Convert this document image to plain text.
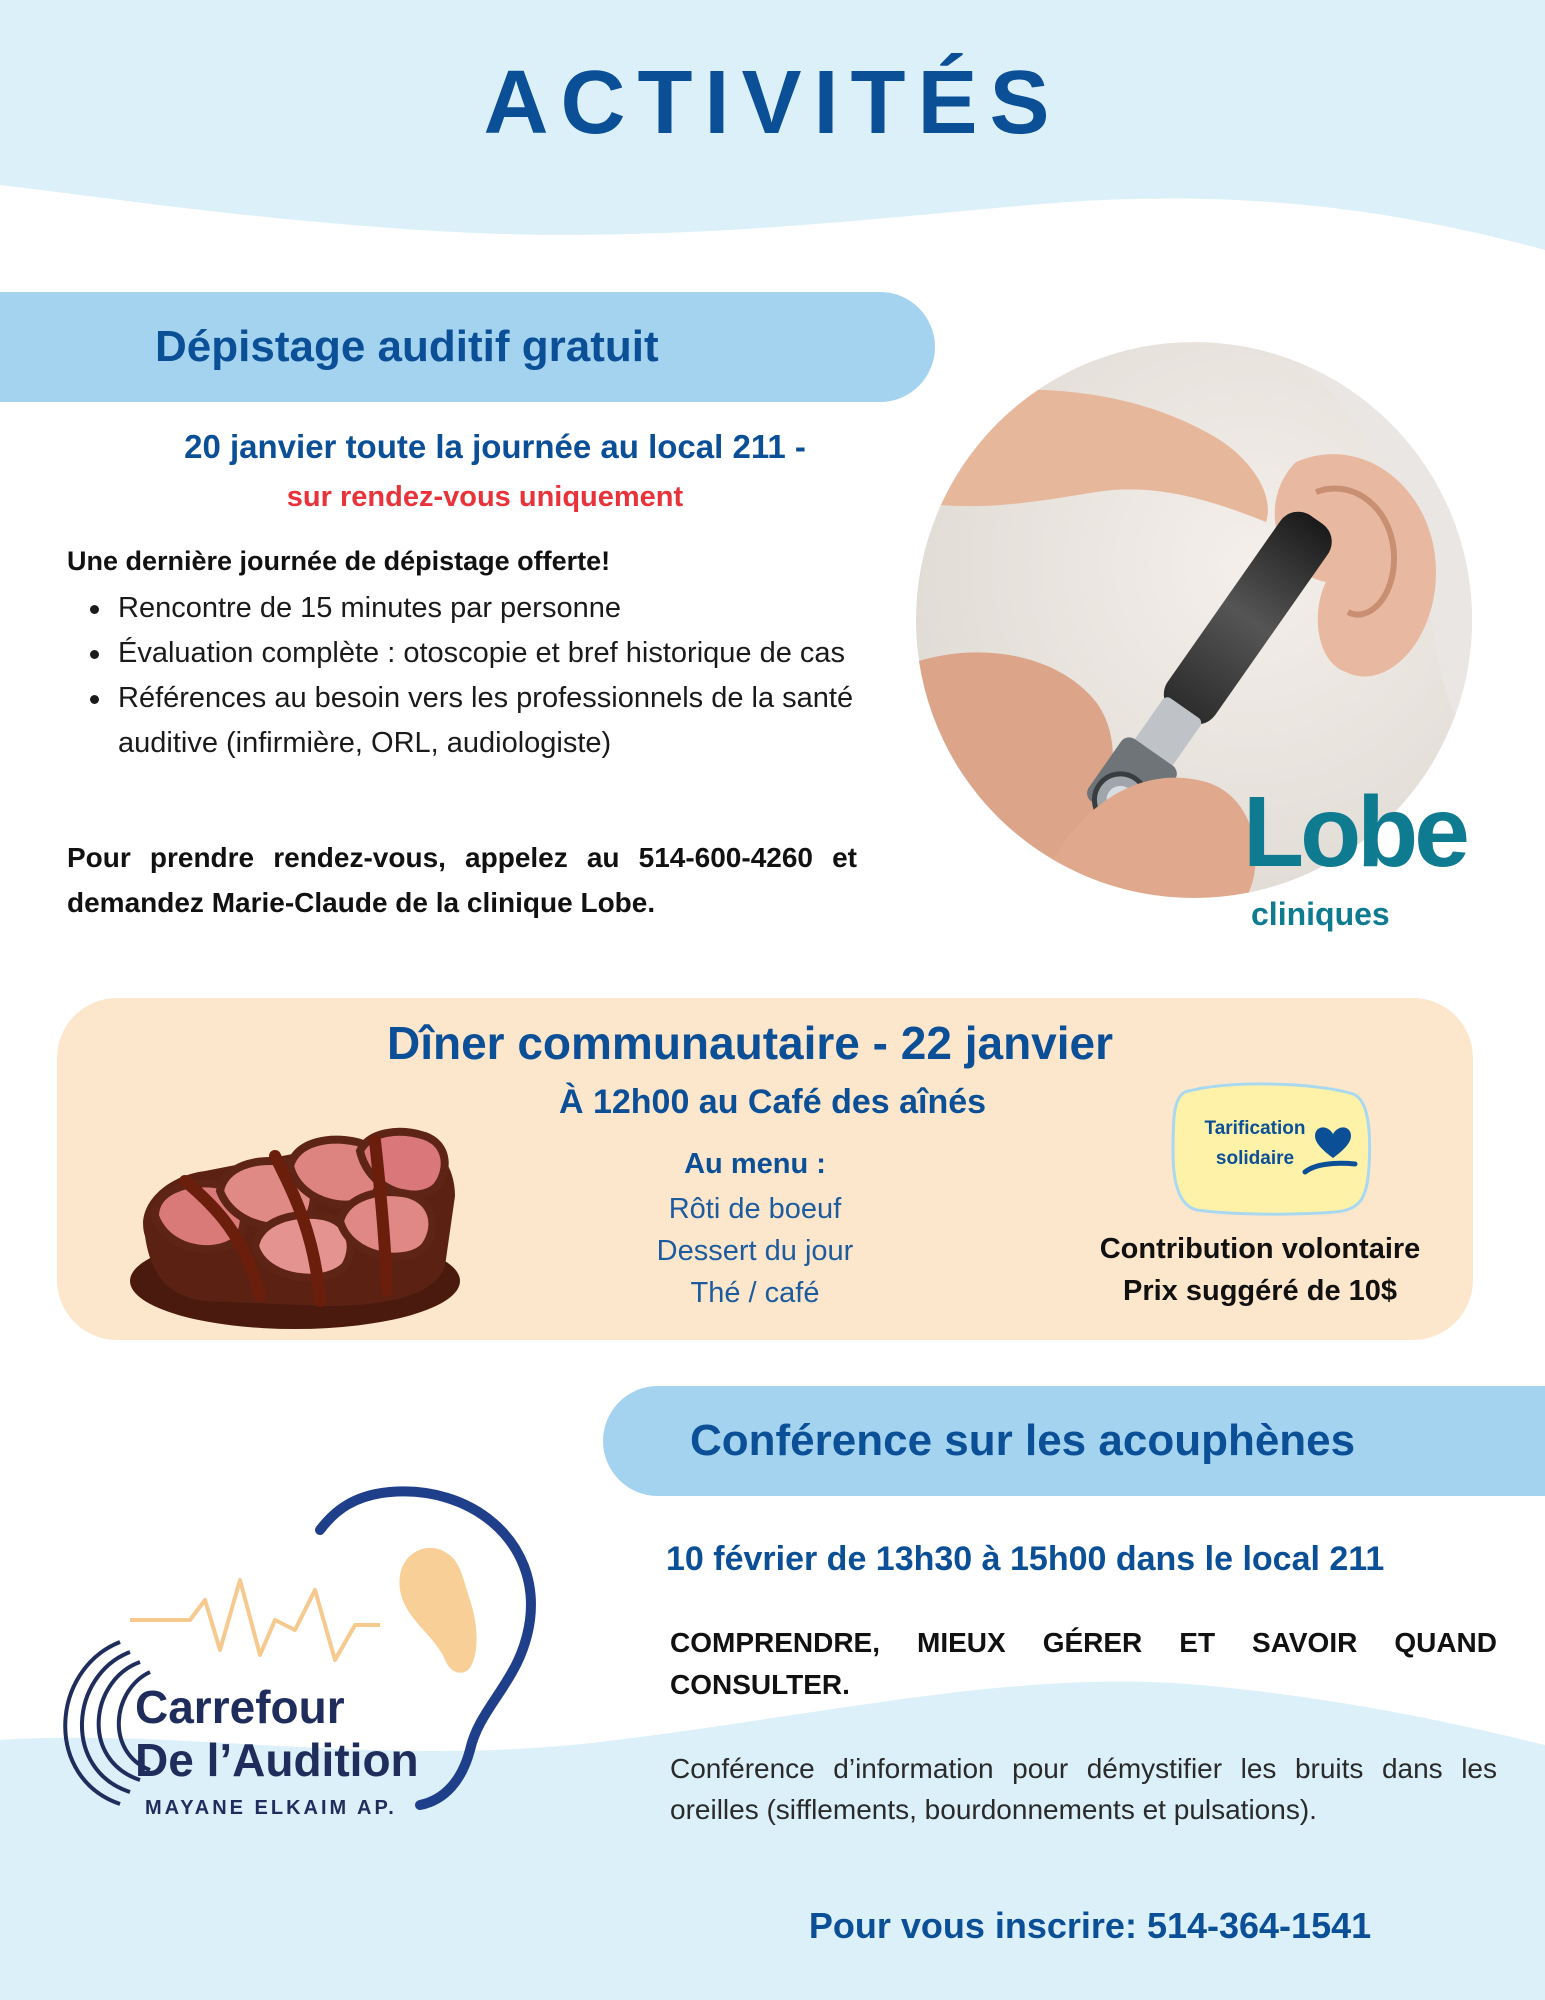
ACTIVITÉS
Dépistage auditif gratuit
20 janvier toute la journée au local 211 -
sur rendez-vous uniquement
Une dernière journée de dépistage offerte!
Rencontre de 15 minutes par personne
Évaluation complète : otoscopie et bref historique de cas
Références au besoin vers les professionnels de la santé auditive (infirmière, ORL, audiologiste)
Pour prendre rendez-vous, appelez au 514-600-4260 et demandez Marie-Claude de la clinique Lobe.
Lobe
cliniques
Dîner communautaire - 22 janvier
À 12h00 au Café des aînés
Au menu :
Rôti de boeuf
Dessert du jour
Thé / café
Tarification
solidaire
Contribution volontaire
Prix suggéré de 10$
Conférence sur les acouphènes
Carrefour
De l’Audition
MAYANE ELKAIM AP.
10 février de 13h30 à 15h00 dans le local 211
COMPRENDRE, MIEUX GÉRER ET SAVOIR QUAND CONSULTER.
Conférence d’information pour démystifier les bruits dans les oreilles (sifflements, bourdonnements et pulsations).
Pour vous inscrire: 514-364-1541
